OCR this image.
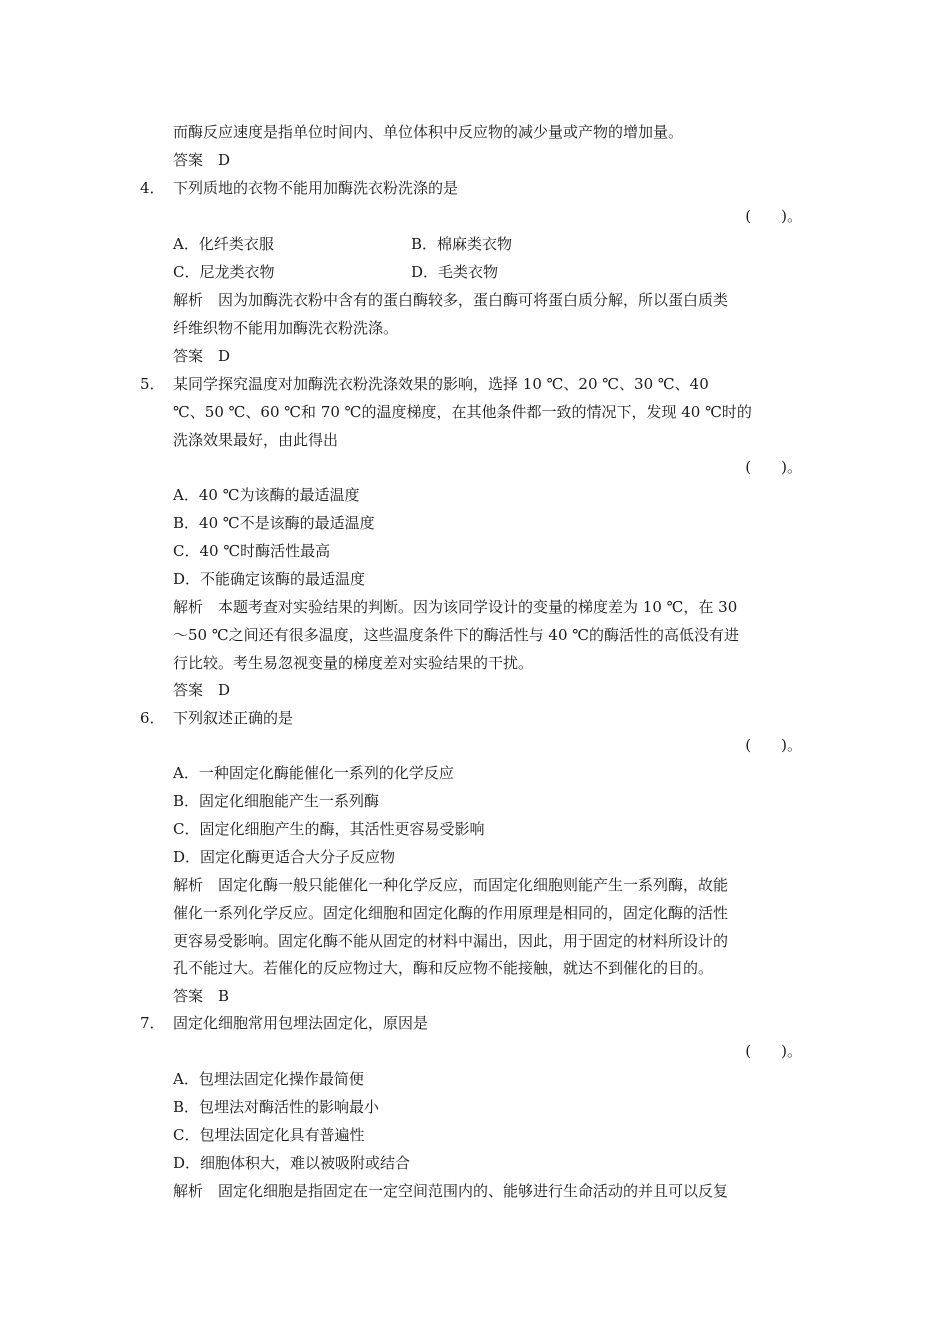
而酶反应速度是指单位时间内、单位体积中反应物的减少量或产物的增加量。
答案　D
4． 下列质地的衣物不能用加酶洗衣粉洗涤的是
(　　)。
A．化纤类衣服	B．棉麻类衣物
C．尼龙类衣物	D．毛类衣物
解析　因为加酶洗衣粉中含有的蛋白酶较多，蛋白酶可将蛋白质分解，所以蛋白质类
纤维织物不能用加酶洗衣粉洗涤。
答案　D
5． 某同学探究温度对加酶洗衣粉洗涤效果的影响，选择 10 ℃、20 ℃、30 ℃、40
℃、50 ℃、60 ℃和 70 ℃的温度梯度，在其他条件都一致的情况下，发现 40 ℃时的
洗涤效果最好，由此得出
(　　)。
A．40 ℃为该酶的最适温度
B．40 ℃不是该酶的最适温度
C．40 ℃时酶活性最高
D．不能确定该酶的最适温度
解析　本题考查对实验结果的判断。因为该同学设计的变量的梯度差为 10 ℃，在 30
～50 ℃之间还有很多温度，这些温度条件下的酶活性与 40 ℃的酶活性的高低没有进
行比较。考生易忽视变量的梯度差对实验结果的干扰。
答案　D
6． 下列叙述正确的是
(　　)。
A．一种固定化酶能催化一系列的化学反应
B．固定化细胞能产生一系列酶
C．固定化细胞产生的酶，其活性更容易受影响
D．固定化酶更适合大分子反应物
解析　固定化酶一般只能催化一种化学反应，而固定化细胞则能产生一系列酶，故能
催化一系列化学反应。固定化细胞和固定化酶的作用原理是相同的，固定化酶的活性
更容易受影响。固定化酶不能从固定的材料中漏出，因此，用于固定的材料所设计的
孔不能过大。若催化的反应物过大，酶和反应物不能接触，就达不到催化的目的。
答案　B
7． 固定化细胞常用包埋法固定化，原因是
(　　)。
A．包埋法固定化操作最简便
B．包埋法对酶活性的影响最小
C．包埋法固定化具有普遍性
D．细胞体积大，难以被吸附或结合
解析　固定化细胞是指固定在一定空间范围内的、能够进行生命活动的并且可以反复
